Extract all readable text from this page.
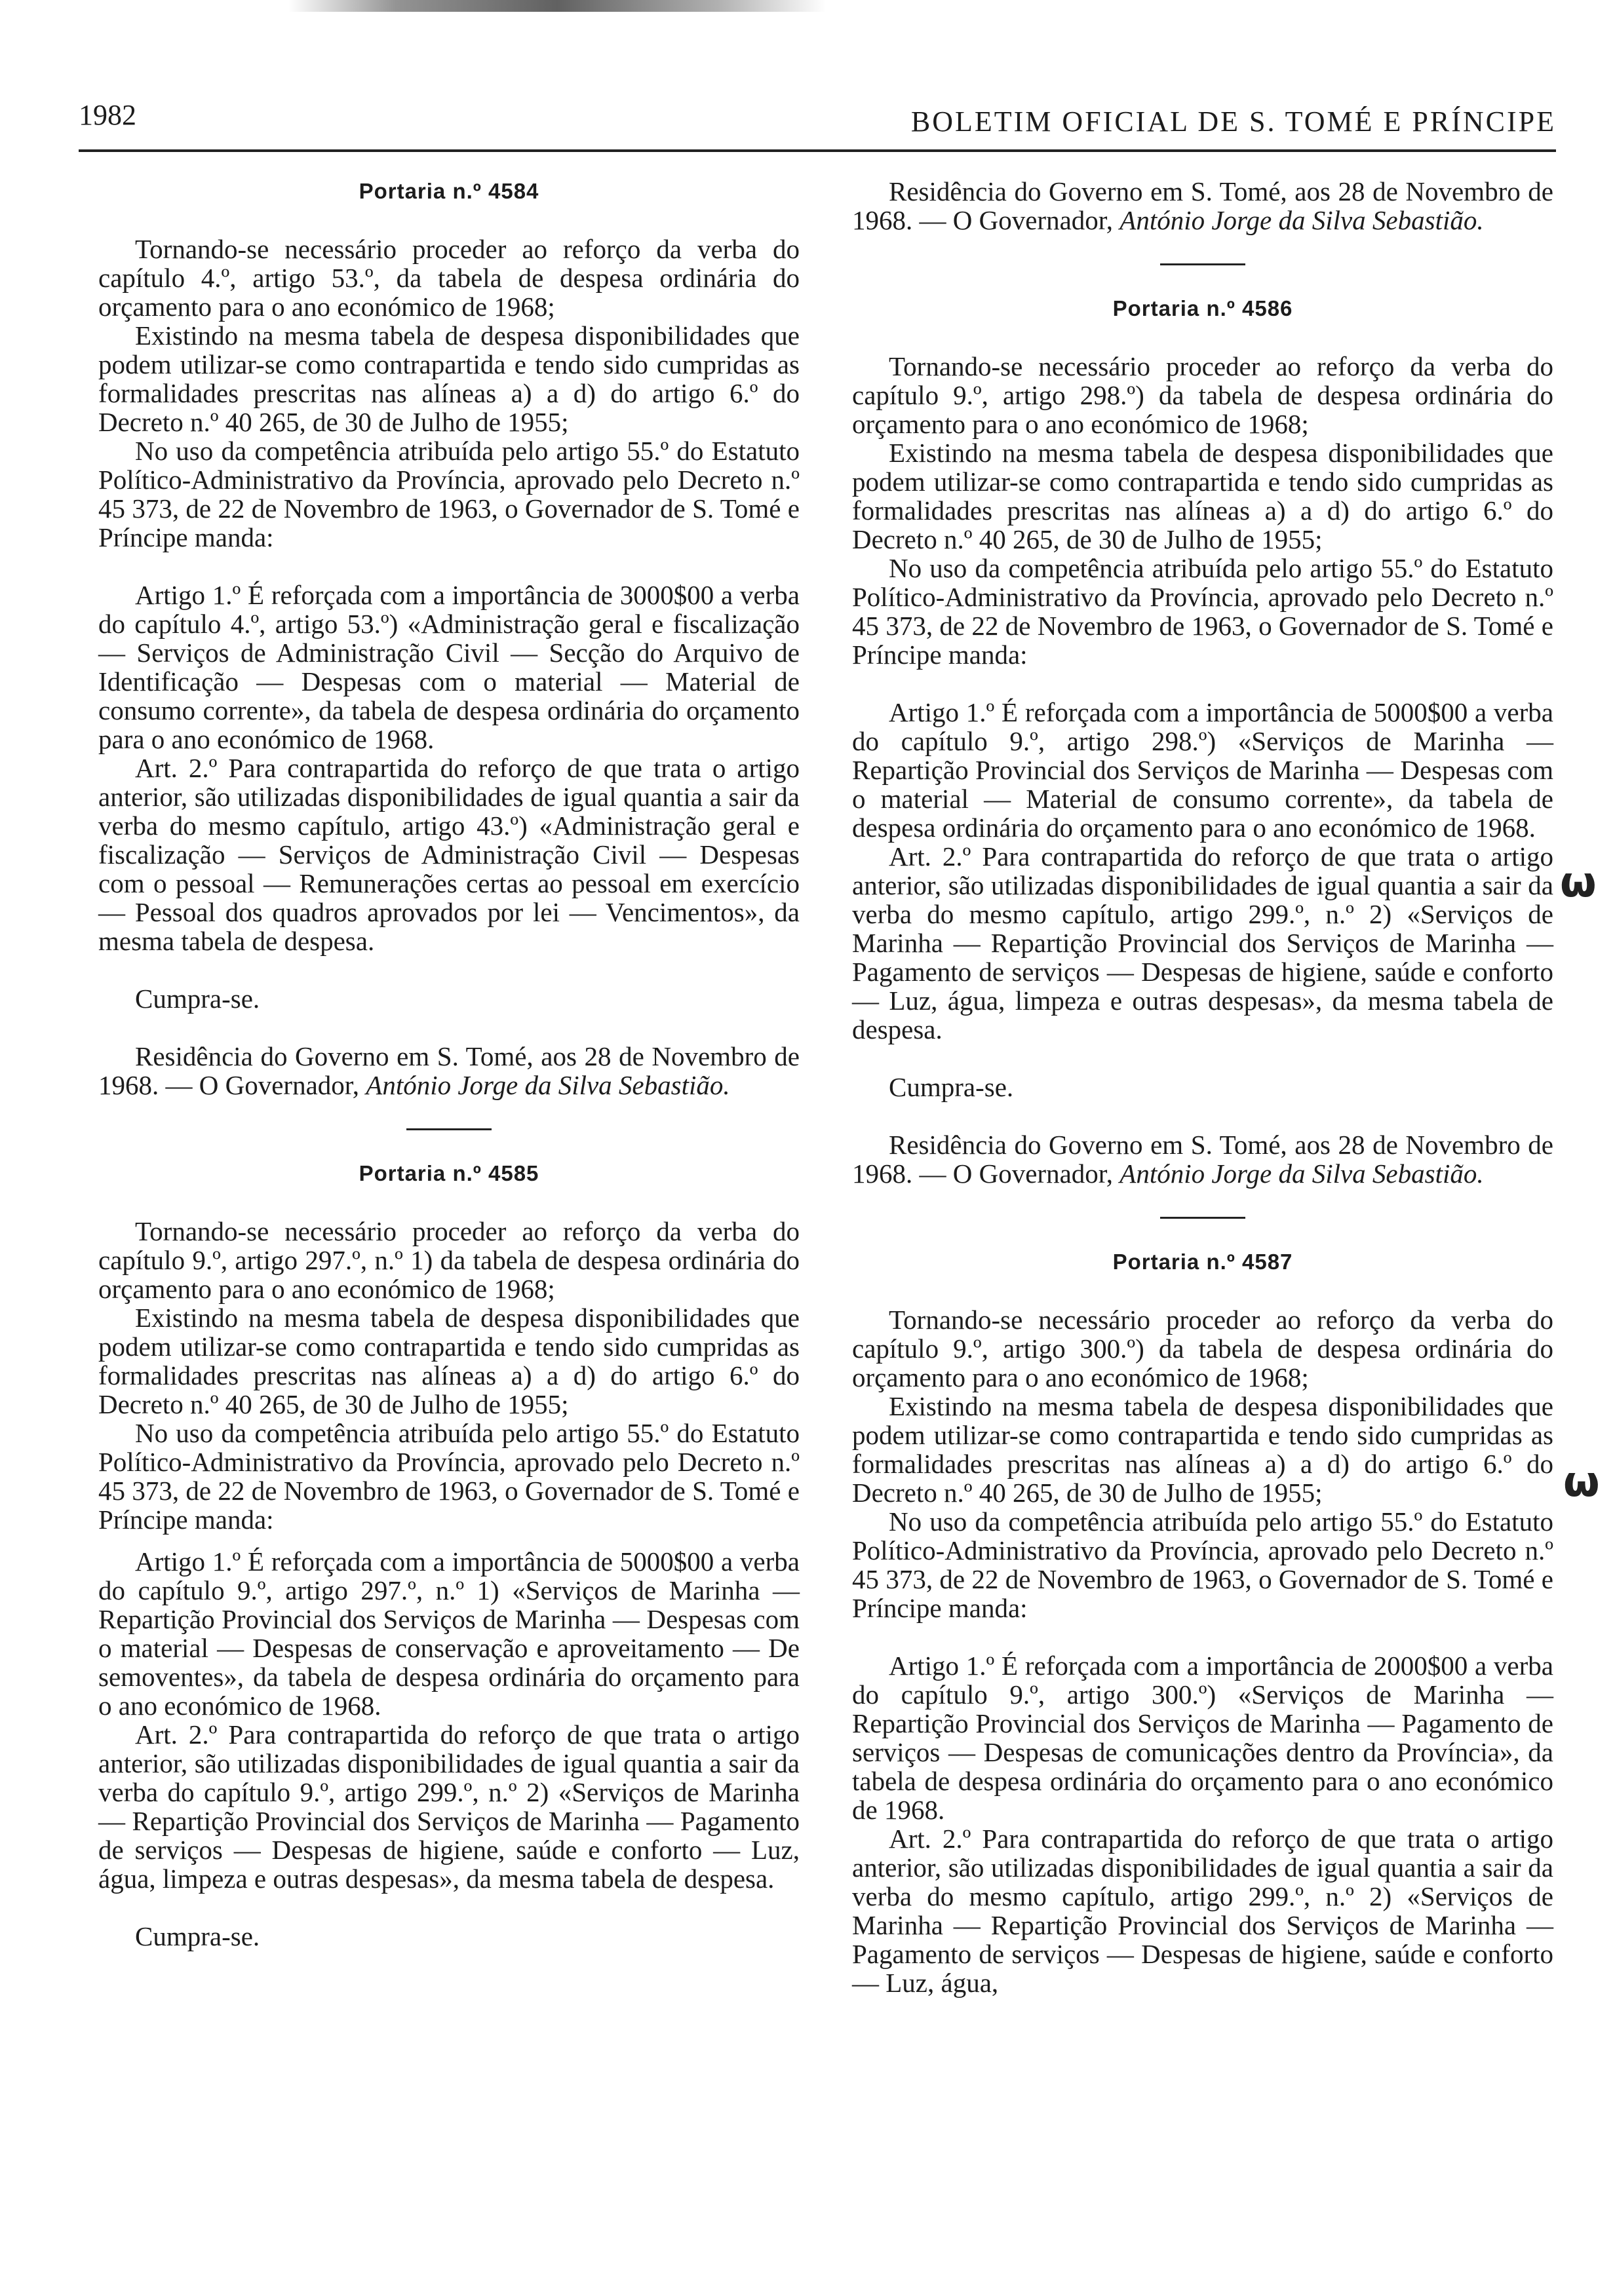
1982	BOLETIM OFICIAL DE S. TOMÉ E PRÍNCIPE
Portaria n.º 4584

Tornando-se necessário proceder ao reforço da verba do capítulo 4.º, artigo 53.º, da tabela de despesa ordinária do orçamento para o ano económico de 1968;

Existindo na mesma tabela de despesa disponibilidades que podem utilizar-se como contrapartida e tendo sido cumpridas as formalidades prescritas nas alíneas a) a d) do artigo 6.º do Decreto n.º 40 265, de 30 de Julho de 1955;

No uso da competência atribuída pelo artigo 55.º do Estatuto Político-Administrativo da Província, aprovado pelo Decreto n.º 45 373, de 22 de Novembro de 1963, o Governador de S. Tomé e Príncipe manda:

Artigo 1.º É reforçada com a importância de 3000$00 a verba do capítulo 4.º, artigo 53.º) «Administração geral e fiscalização — Serviços de Administração Civil — Secção do Arquivo de Identificação — Despesas com o material — Material de consumo corrente», da tabela de despesa ordinária do orçamento para o ano económico de 1968.

Art. 2.º Para contrapartida do reforço de que trata o artigo anterior, são utilizadas disponibilidades de igual quantia a sair da verba do mesmo capítulo, artigo 43.º) «Administração geral e fiscalização — Serviços de Administração Civil — Despesas com o pessoal — Remunerações certas ao pessoal em exercício — Pessoal dos quadros aprovados por lei — Vencimentos», da mesma tabela de despesa.

Cumpra-se.

Residência do Governo em S. Tomé, aos 28 de Novembro de 1968. — O Governador, António Jorge da Silva Sebastião.

Portaria n.º 4585

Tornando-se necessário proceder ao reforço da verba do capítulo 9.º, artigo 297.º, n.º 1) da tabela de despesa ordinária do orçamento para o ano económico de 1968;

Existindo na mesma tabela de despesa disponibilidades que podem utilizar-se como contrapartida e tendo sido cumpridas as formalidades prescritas nas alíneas a) a d) do artigo 6.º do Decreto n.º 40 265, de 30 de Julho de 1955;

No uso da competência atribuída pelo artigo 55.º do Estatuto Político-Administrativo da Província, aprovado pelo Decreto n.º 45 373, de 22 de Novembro de 1963, o Governador de S. Tomé e Príncipe manda:

Artigo 1.º É reforçada com a importância de 5000$00 a verba do capítulo 9.º, artigo 297.º, n.º 1) «Serviços de Marinha — Repartição Provincial dos Serviços de Marinha — Despesas com o material — Despesas de conservação e aproveitamento — De semoventes», da tabela de despesa ordinária do orçamento para o ano económico de 1968.

Art. 2.º Para contrapartida do reforço de que trata o artigo anterior, são utilizadas disponibilidades de igual quantia a sair da verba do capítulo 9.º, artigo 299.º, n.º 2) «Serviços de Marinha — Repartição Provincial dos Serviços de Marinha — Pagamento de serviços — Despesas de higiene, saúde e conforto — Luz, água, limpeza e outras despesas», da mesma tabela de despesa.

Cumpra-se.

Residência do Governo em S. Tomé, aos 28 de Novembro de 1968. — O Governador, António Jorge da Silva Sebastião.

Portaria n.º 4586

Tornando-se necessário proceder ao reforço da verba do capítulo 9.º, artigo 298.º) da tabela de despesa ordinária do orçamento para o ano económico de 1968;

Existindo na mesma tabela de despesa disponibilidades que podem utilizar-se como contrapartida e tendo sido cumpridas as formalidades prescritas nas alíneas a) a d) do artigo 6.º do Decreto n.º 40 265, de 30 de Julho de 1955;

No uso da competência atribuída pelo artigo 55.º do Estatuto Político-Administrativo da Província, aprovado pelo Decreto n.º 45 373, de 22 de Novembro de 1963, o Governador de S. Tomé e Príncipe manda:

Artigo 1.º É reforçada com a importância de 5000$00 a verba do capítulo 9.º, artigo 298.º) «Serviços de Marinha — Repartição Provincial dos Serviços de Marinha — Despesas com o material — Material de consumo corrente», da tabela de despesa ordinária do orçamento para o ano económico de 1968.

Art. 2.º Para contrapartida do reforço de que trata o artigo anterior, são utilizadas disponibilidades de igual quantia a sair da verba do mesmo capítulo, artigo 299.º, n.º 2) «Serviços de Marinha — Repartição Provincial dos Serviços de Marinha — Pagamento de serviços — Despesas de higiene, saúde e conforto — Luz, água, limpeza e outras despesas», da mesma tabela de despesa.

Cumpra-se.

Residência do Governo em S. Tomé, aos 28 de Novembro de 1968. — O Governador, António Jorge da Silva Sebastião.

Portaria n.º 4587

Tornando-se necessário proceder ao reforço da verba do capítulo 9.º, artigo 300.º) da tabela de despesa ordinária do orçamento para o ano económico de 1968;

Existindo na mesma tabela de despesa disponibilidades que podem utilizar-se como contrapartida e tendo sido cumpridas as formalidades prescritas nas alíneas a) a d) do artigo 6.º do Decreto n.º 40 265, de 30 de Julho de 1955;

No uso da competência atribuída pelo artigo 55.º do Estatuto Político-Administrativo da Província, aprovado pelo Decreto n.º 45 373, de 22 de Novembro de 1963, o Governador de S. Tomé e Príncipe manda:

Artigo 1.º É reforçada com a importância de 2000$00 a verba do capítulo 9.º, artigo 300.º) «Serviços de Marinha — Repartição Provincial dos Serviços de Marinha — Pagamento de serviços — Despesas de comunicações dentro da Província», da tabela de despesa ordinária do orçamento para o ano económico de 1968.

Art. 2.º Para contrapartida do reforço de que trata o artigo anterior, são utilizadas disponibilidades de igual quantia a sair da verba do mesmo capítulo, artigo 299.º, n.º 2) «Serviços de Marinha — Repartição Provincial dos Serviços de Marinha — Pagamento de serviços — Despesas de higiene, saúde e conforto — Luz, água,

ω
ω
